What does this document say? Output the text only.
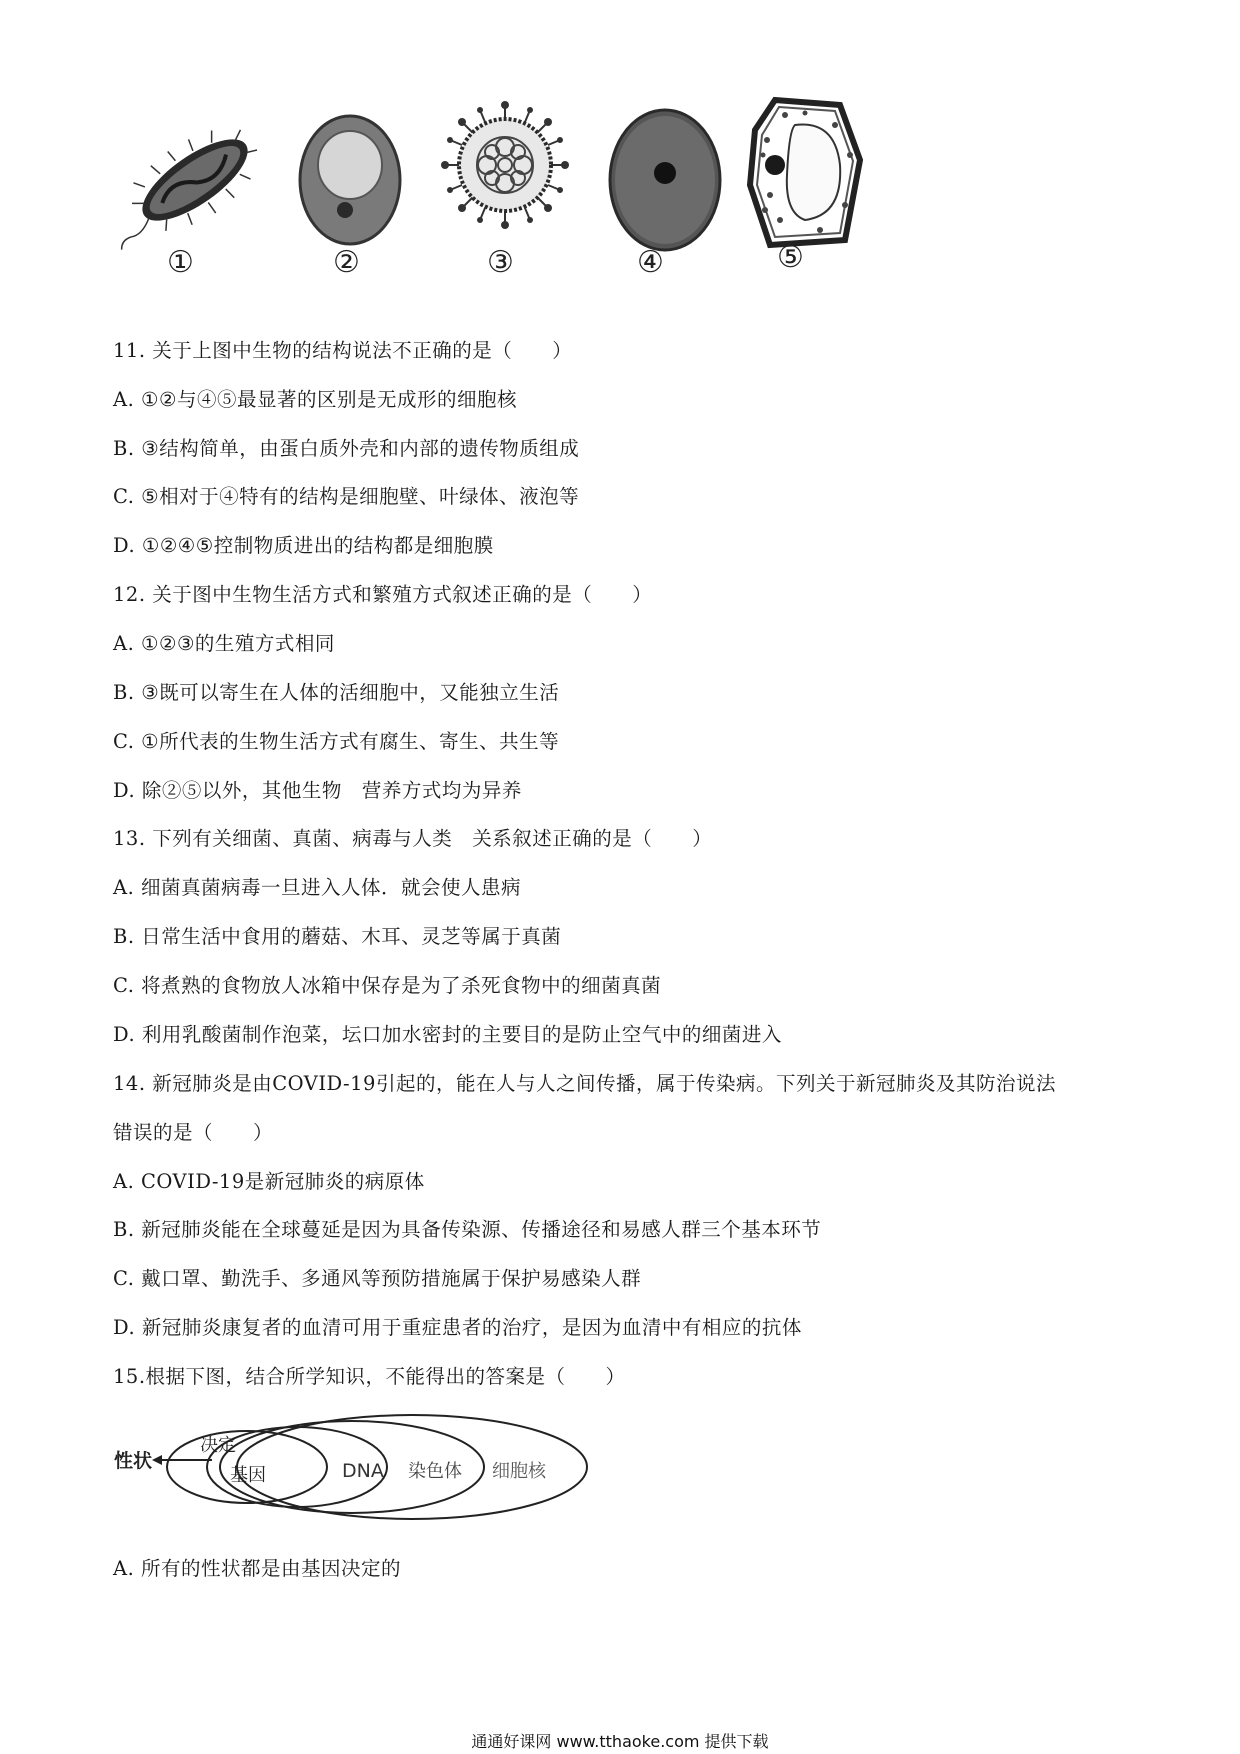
①	②	③	④	⑤
11. 关于上图中生物的结构说法不正确的是（　　）
A. ①②与④⑤最显著的区别是无成形的细胞核
B. ③结构简单，由蛋白质外壳和内部的遗传物质组成
C. ⑤相对于④特有的结构是细胞壁、叶绿体、液泡等
D. ①②④⑤控制物质进出的结构都是细胞膜
12. 关于图中生物生活方式和繁殖方式叙述正确的是（　　）
A. ①②③的生殖方式相同
B. ③既可以寄生在人体的活细胞中，又能独立生活
C. ①所代表的生物生活方式有腐生、寄生、共生等
D. 除②⑤以外，其他生物　营养方式均为异养
13. 下列有关细菌、真菌、病毒与人类　关系叙述正确的是（　　）
A. 细菌真菌病毒一旦进入人体．就会使人患病
B. 日常生活中食用的蘑菇、木耳、灵芝等属于真菌
C. 将煮熟的食物放人冰箱中保存是为了杀死食物中的细菌真菌
D. 利用乳酸菌制作泡菜，坛口加水密封的主要目的是防止空气中的细菌进入
14. 新冠肺炎是由COVID-19引起的，能在人与人之间传播，属于传染病。下列关于新冠肺炎及其防治说法
错误的是（　　）
A. COVID-19是新冠肺炎的病原体
B. 新冠肺炎能在全球蔓延是因为具备传染源、传播途径和易感人群三个基本环节
C. 戴口罩、勤洗手、多通风等预防措施属于保护易感染人群
D. 新冠肺炎康复者的血清可用于重症患者的治疗，是因为血清中有相应的抗体
15.根据下图，结合所学知识，不能得出的答案是（　　）
性状
决定
基因	DNA 染色体 细胞核
A. 所有的性状都是由基因决定的
通通好课网 www.tthaoke.com 提供下载
